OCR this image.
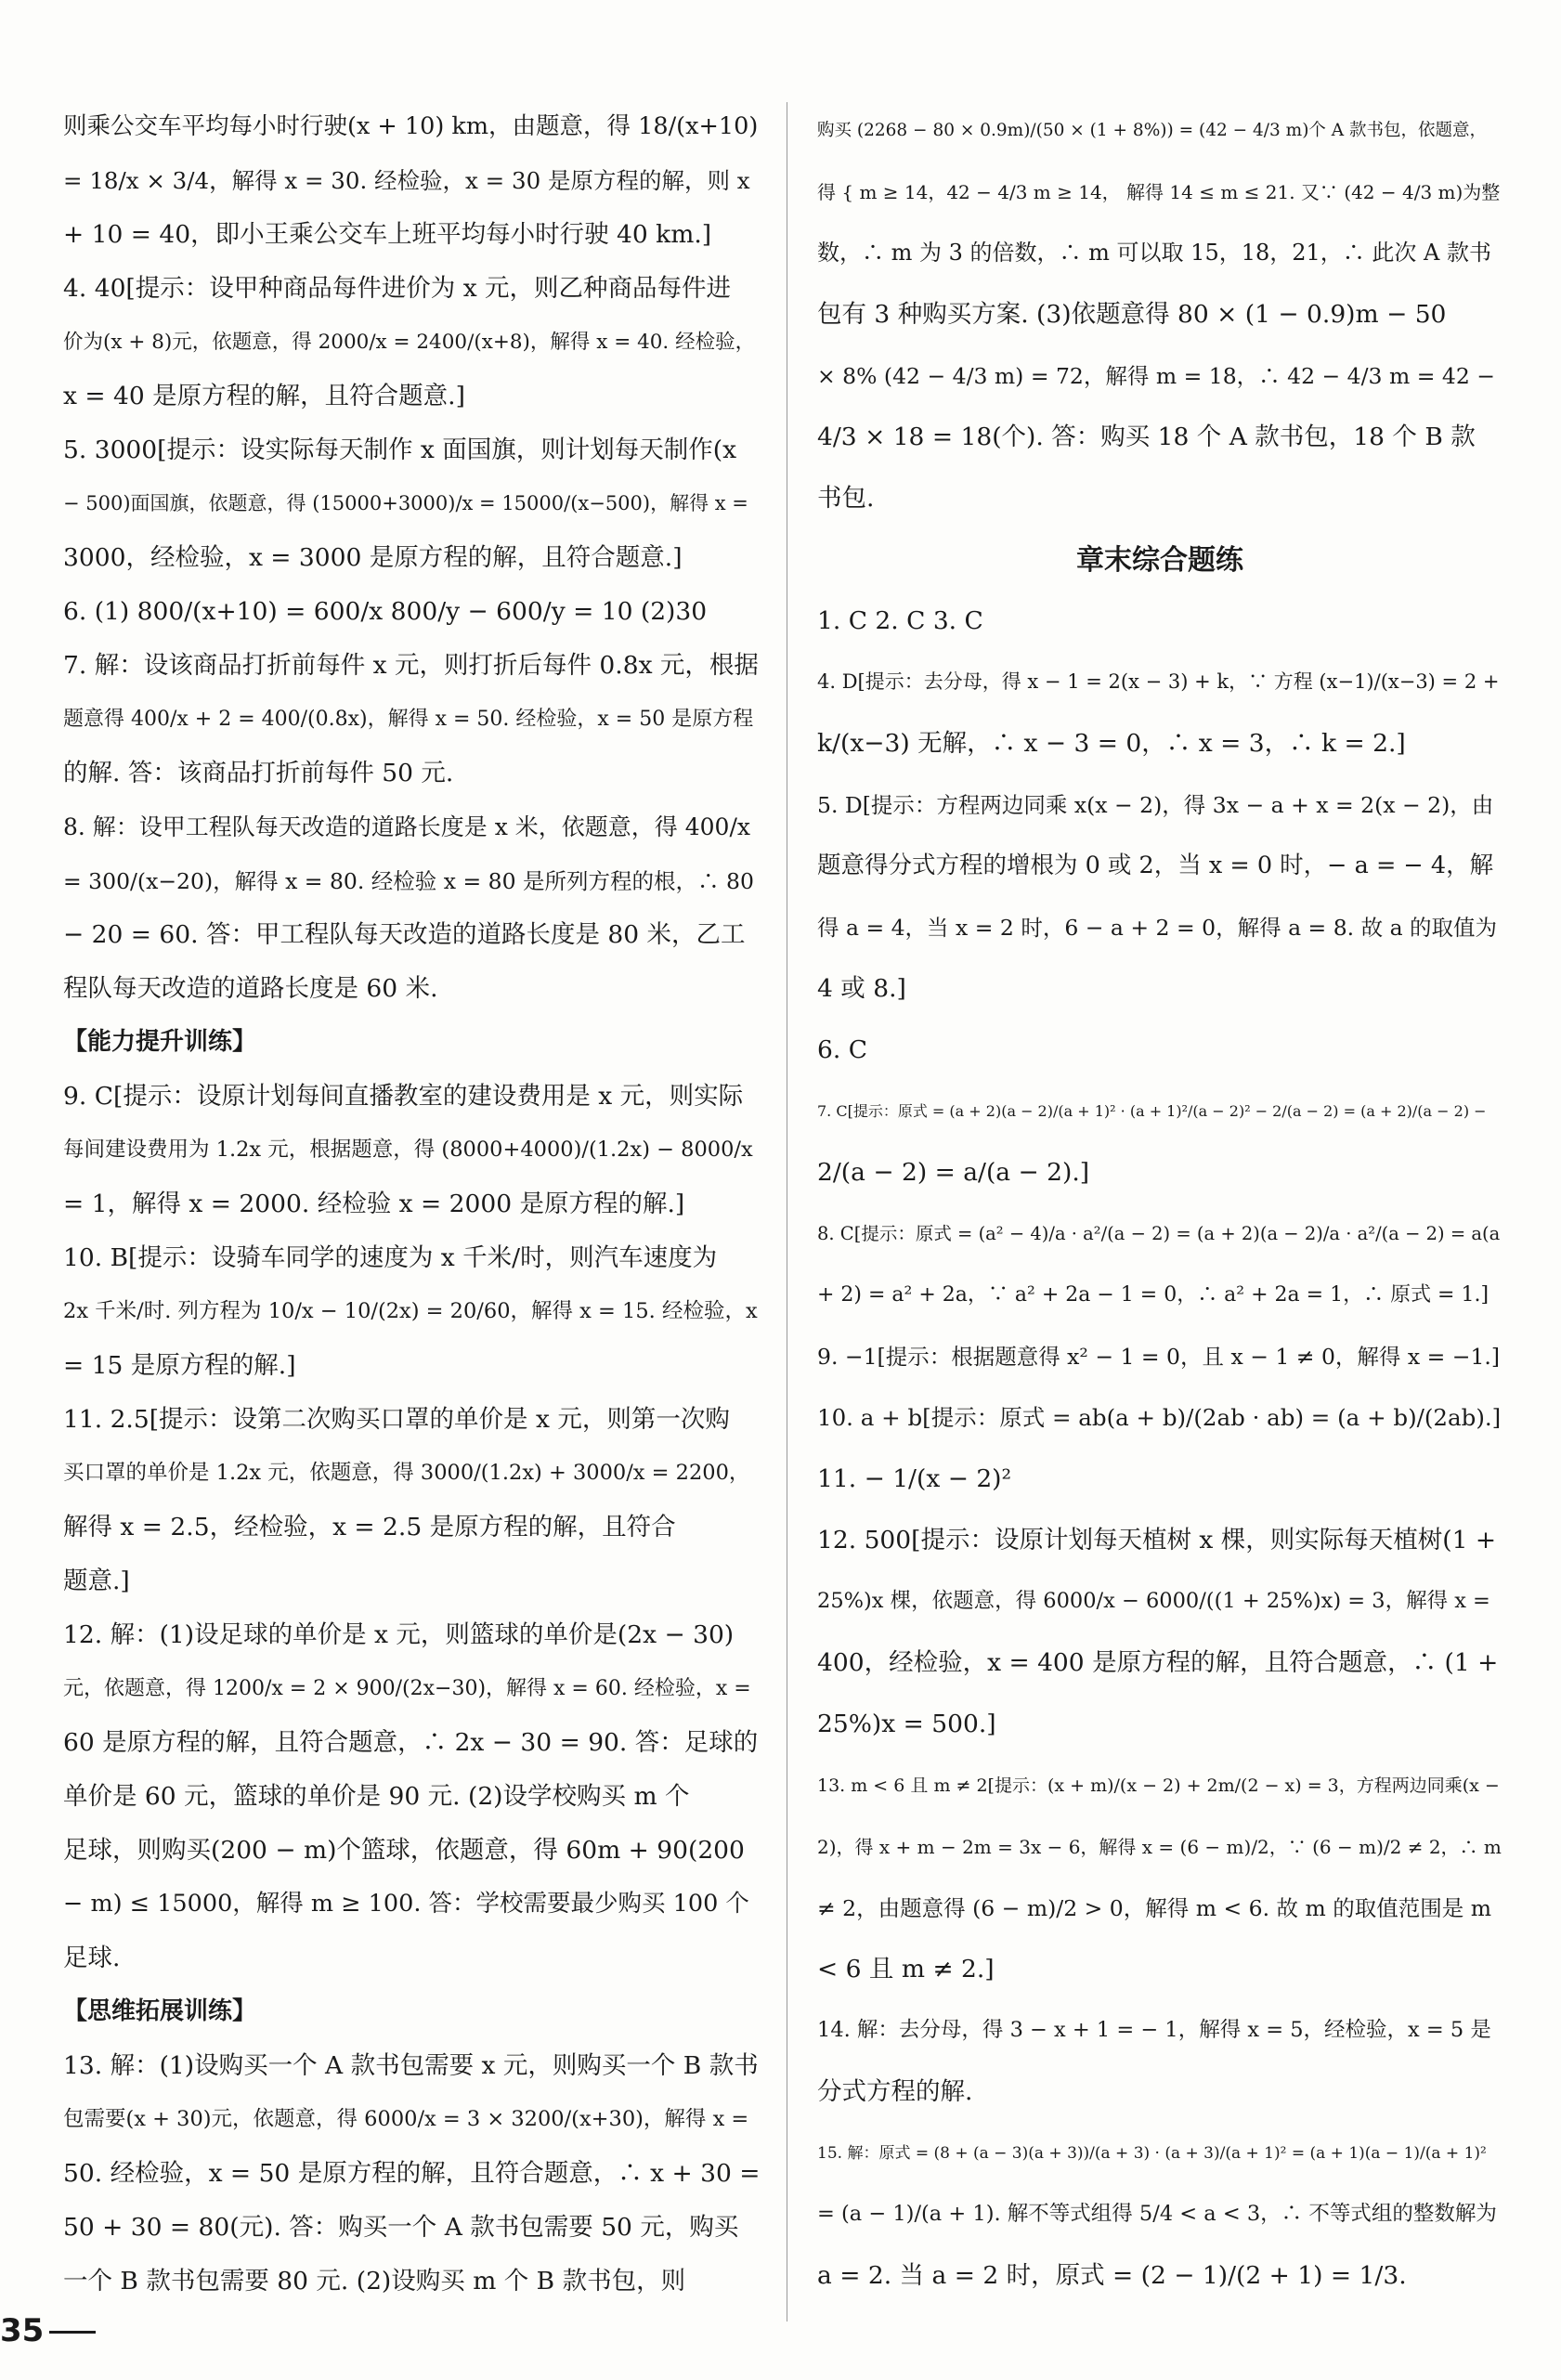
则乘公交车平均每小时行驶(x + 10) km，由题意，得 18/(x+10)
= 18/x × 3/4，解得 x = 30. 经检验，x = 30 是原方程的解，则 x
+ 10 = 40，即小王乘公交车上班平均每小时行驶 40 km.]
4. 40[提示：设甲种商品每件进价为 x 元，则乙种商品每件进
价为(x + 8)元，依题意，得 2000/x = 2400/(x+8)，解得 x = 40. 经检验，
x = 40 是原方程的解，且符合题意.]
5. 3000[提示：设实际每天制作 x 面国旗，则计划每天制作(x
− 500)面国旗，依题意，得 (15000+3000)/x = 15000/(x−500)，解得 x =
3000，经检验，x = 3000 是原方程的解，且符合题意.]
6. (1) 800/(x+10) = 600/x 800/y − 600/y = 10 (2)30
7. 解：设该商品打折前每件 x 元，则打折后每件 0.8x 元，根据
题意得 400/x + 2 = 400/(0.8x)，解得 x = 50. 经检验，x = 50 是原方程
的解. 答：该商品打折前每件 50 元.
8. 解：设甲工程队每天改造的道路长度是 x 米，依题意，得 400/x
= 300/(x−20)，解得 x = 80. 经检验 x = 80 是所列方程的根，∴ 80
− 20 = 60. 答：甲工程队每天改造的道路长度是 80 米，乙工
程队每天改造的道路长度是 60 米.
【能力提升训练】
9. C[提示：设原计划每间直播教室的建设费用是 x 元，则实际
每间建设费用为 1.2x 元，根据题意，得 (8000+4000)/(1.2x) − 8000/x
= 1，解得 x = 2000. 经检验 x = 2000 是原方程的解.]
10. B[提示：设骑车同学的速度为 x 千米/时，则汽车速度为
2x 千米/时. 列方程为 10/x − 10/(2x) = 20/60，解得 x = 15. 经检验，x
= 15 是原方程的解.]
11. 2.5[提示：设第二次购买口罩的单价是 x 元，则第一次购
买口罩的单价是 1.2x 元，依题意，得 3000/(1.2x) + 3000/x = 2200，
解得 x = 2.5，经检验，x = 2.5 是原方程的解，且符合
题意.]
12. 解：(1)设足球的单价是 x 元，则篮球的单价是(2x − 30)
元，依题意，得 1200/x = 2 × 900/(2x−30)，解得 x = 60. 经检验，x =
60 是原方程的解，且符合题意，∴ 2x − 30 = 90. 答：足球的
单价是 60 元，篮球的单价是 90 元. (2)设学校购买 m 个
足球，则购买(200 − m)个篮球，依题意，得 60m + 90(200
− m) ≤ 15000，解得 m ≥ 100. 答：学校需要最少购买 100 个
足球.
【思维拓展训练】
13. 解：(1)设购买一个 A 款书包需要 x 元，则购买一个 B 款书
包需要(x + 30)元，依题意，得 6000/x = 3 × 3200/(x+30)，解得 x =
50. 经检验，x = 50 是原方程的解，且符合题意，∴ x + 30 =
50 + 30 = 80(元). 答：购买一个 A 款书包需要 50 元，购买
一个 B 款书包需要 80 元. (2)设购买 m 个 B 款书包，则
购买 (2268 − 80 × 0.9m)/(50 × (1 + 8%)) = (42 − 4/3 m)个 A 款书包，依题意，
得 { m ≥ 14，42 − 4/3 m ≥ 14， 解得 14 ≤ m ≤ 21. 又∵ (42 − 4/3 m)为整
数，∴ m 为 3 的倍数，∴ m 可以取 15，18，21，∴ 此次 A 款书
包有 3 种购买方案. (3)依题意得 80 × (1 − 0.9)m − 50
× 8% (42 − 4/3 m) = 72，解得 m = 18，∴ 42 − 4/3 m = 42 −
4/3 × 18 = 18(个). 答：购买 18 个 A 款书包，18 个 B 款
书包.
章末综合题练
1. C 2. C 3. C
4. D[提示：去分母，得 x − 1 = 2(x − 3) + k，∵ 方程 (x−1)/(x−3) = 2 +
k/(x−3) 无解，∴ x − 3 = 0，∴ x = 3，∴ k = 2.]
5. D[提示：方程两边同乘 x(x − 2)，得 3x − a + x = 2(x − 2)，由
题意得分式方程的增根为 0 或 2，当 x = 0 时，− a = − 4，解
得 a = 4，当 x = 2 时，6 − a + 2 = 0，解得 a = 8. 故 a 的取值为
4 或 8.]
6. C
7. C[提示：原式 = (a + 2)(a − 2)/(a + 1)² · (a + 1)²/(a − 2)² − 2/(a − 2) = (a + 2)/(a − 2) −
2/(a − 2) = a/(a − 2).]
8. C[提示：原式 = (a² − 4)/a · a²/(a − 2) = (a + 2)(a − 2)/a · a²/(a − 2) = a(a
+ 2) = a² + 2a，∵ a² + 2a − 1 = 0，∴ a² + 2a = 1，∴ 原式 = 1.]
9. −1[提示：根据题意得 x² − 1 = 0，且 x − 1 ≠ 0，解得 x = −1.]
10. a + b[提示：原式 = ab(a + b)/(2ab · ab) = (a + b)/(2ab).]
11. − 1/(x − 2)²
12. 500[提示：设原计划每天植树 x 棵，则实际每天植树(1 +
25%)x 棵，依题意，得 6000/x − 6000/((1 + 25%)x) = 3，解得 x =
400，经检验，x = 400 是原方程的解，且符合题意，∴ (1 +
25%)x = 500.]
13. m < 6 且 m ≠ 2[提示：(x + m)/(x − 2) + 2m/(2 − x) = 3，方程两边同乘(x −
2)，得 x + m − 2m = 3x − 6，解得 x = (6 − m)/2，∵ (6 − m)/2 ≠ 2，∴ m
≠ 2，由题意得 (6 − m)/2 > 0，解得 m < 6. 故 m 的取值范围是 m
< 6 且 m ≠ 2.]
14. 解：去分母，得 3 − x + 1 = − 1，解得 x = 5，经检验，x = 5 是
分式方程的解.
15. 解：原式 = (8 + (a − 3)(a + 3))/(a + 3) · (a + 3)/(a + 1)² = (a + 1)(a − 1)/(a + 1)²
= (a − 1)/(a + 1). 解不等式组得 5/4 < a < 3，∴ 不等式组的整数解为
a = 2. 当 a = 2 时，原式 = (2 − 1)/(2 + 1) = 1/3.
35
